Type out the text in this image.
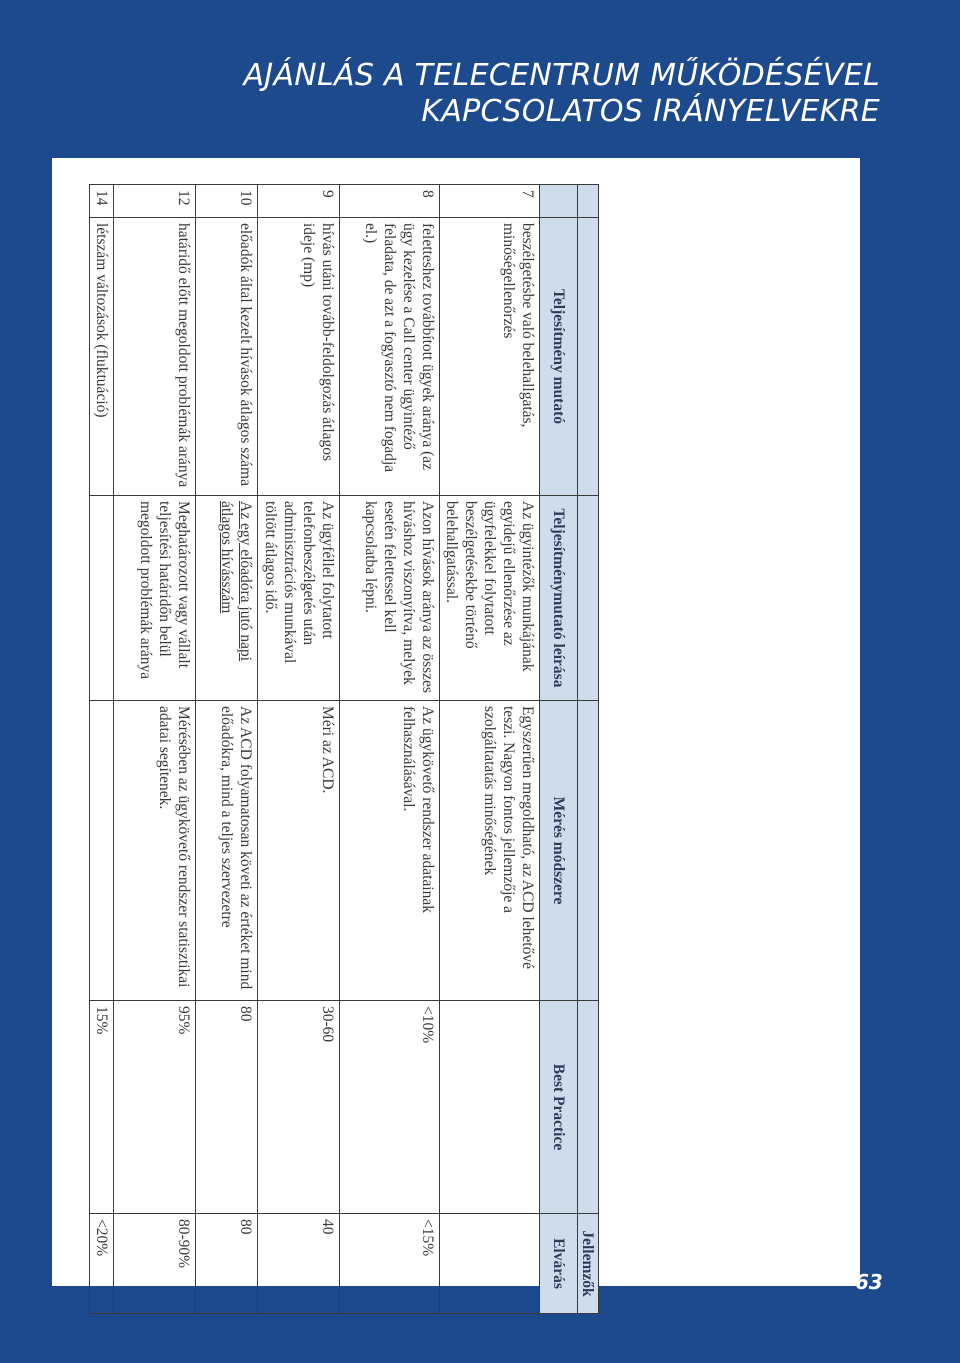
AJÁNLÁS A TELECENTRUM MŰKÖDÉSÉVEL
KAPCSOLATOS IRÁNYELVEKRE
					Jellemzők
	Teljesítmény mutató	Teljesítménymutató leírása	Mérés módszere	Best Practice	Elvárás
7	beszélgetésbe való belehallgatás, minőségellenőrzés	Az ügyintézők munkájának egyidejű ellenőrzése az ügyfelekkel folytatott beszélgetésekbe történő belehallgatással.	Egyszerűen megoldható, az ACD lehetővé teszi. Nagyon fontos jellemzője a szolgáltatatás minőségének		
8	feletteshez továbbított ügyek aránya (az ügy kezelése a Call center ügyintéző feladata, de azt a fogyasztó nem fogadja el.)	Azon hívások aránya az összes híváshoz viszonyítva, melyek esetén felettessel kell kapcsolatba lépni.	Az ügykövető rendszer adatainak felhasználásával.	<10%	<15%
9	hívás utáni tovább-feldolgozás átlagos ideje (mp)	Az ügyféllel folytatott telefonbeszélgetés után adminisztrációs munkával töltött átlagos idő.	Méri az ACD.	30-60	40
10	előadók által kezelt hívások átlagos száma	Az egy előadóra jutó napi átlagos hívásszám	Az ACD folyamatosan követi az értéket mind előadókra, mind a teljes szervezetre	80	80
12	határidő előtt megoldott problémák aránya	Meghatározott vagy vállalt teljesítési határidőn belül megoldott problémák aránya	Mérésében az ügykövető rendszer statisztikai adatai segítenek.	95%	80-90%
14	létszám változások (fluktuáció)			15%	<20%
63
